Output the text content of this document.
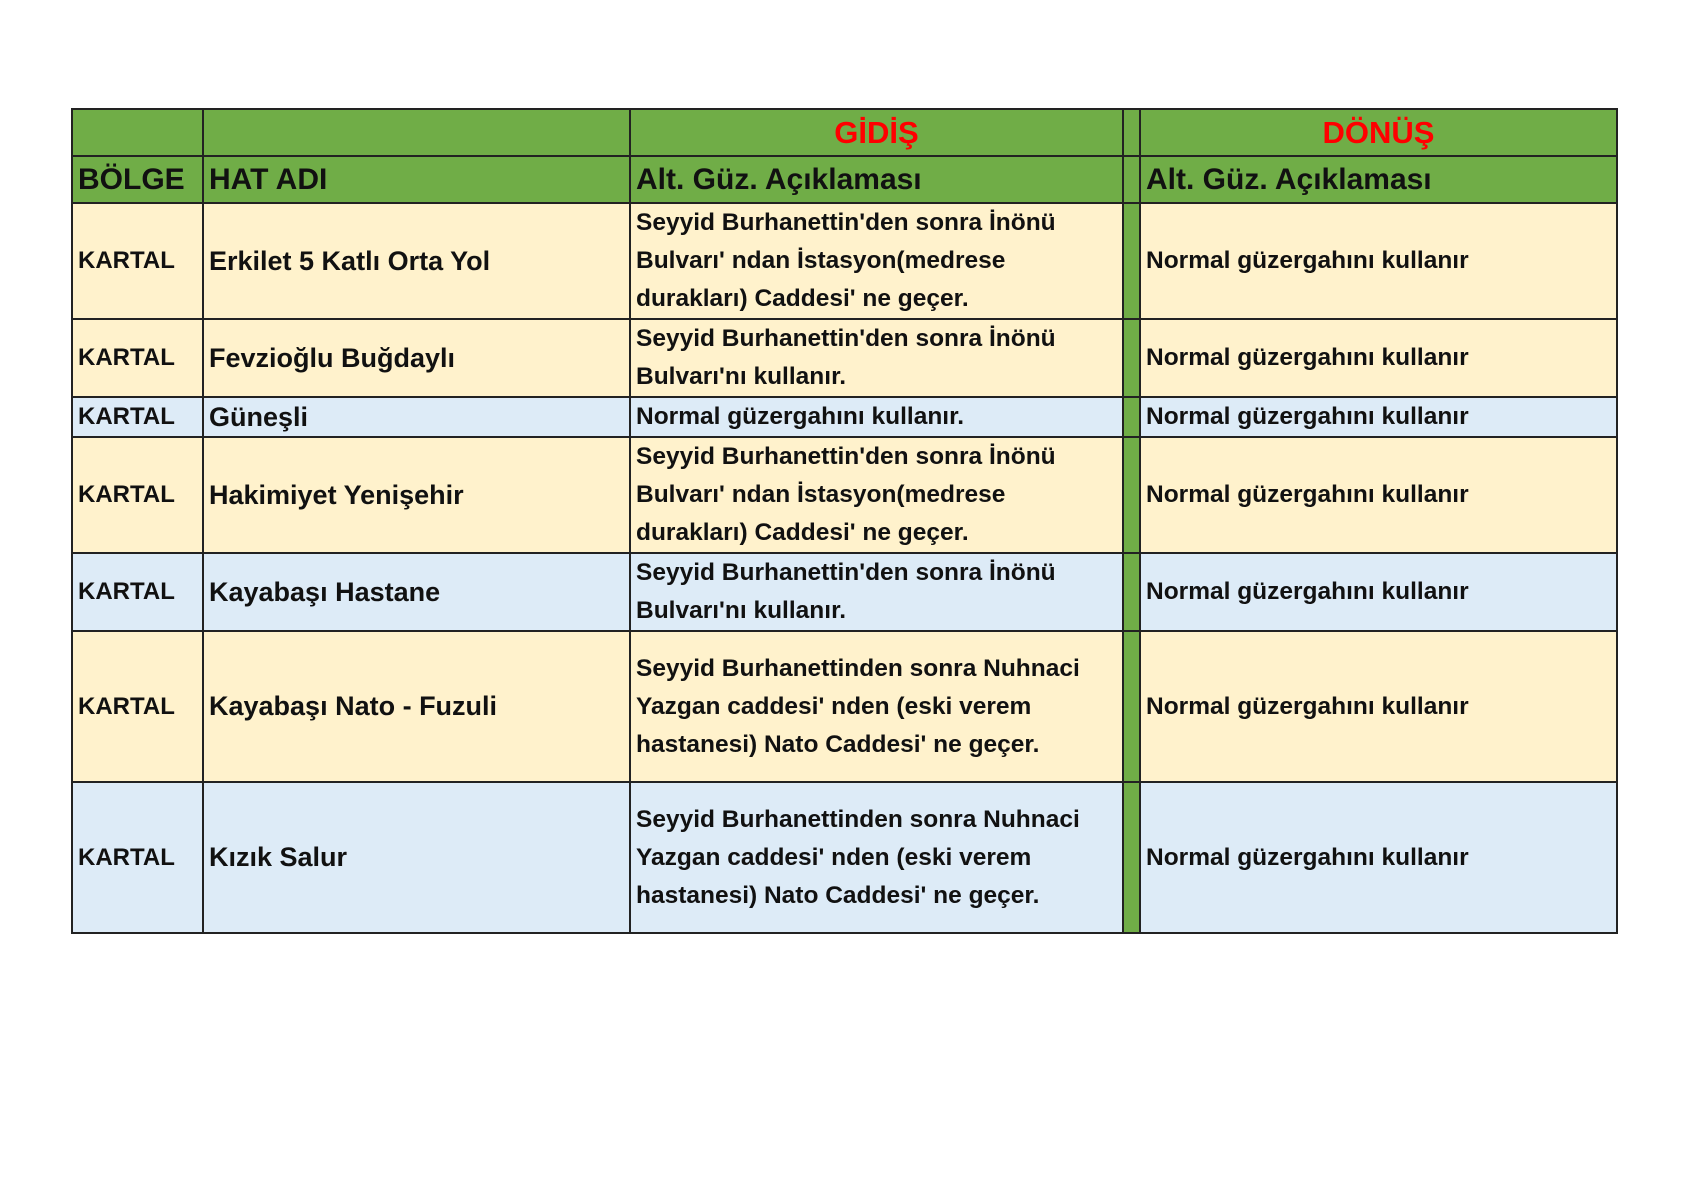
		GİDİŞ		DÖNÜŞ
BÖLGE	HAT ADI	Alt. Güz. Açıklaması		Alt. Güz. Açıklaması
KARTAL	Erkilet 5 Katlı Orta Yol	Seyyid Burhanettin'den sonra İnönü
Bulvarı' ndan İstasyon(medrese
durakları) Caddesi' ne geçer.		Normal güzergahını kullanır
KARTAL	Fevzioğlu Buğdaylı	Seyyid Burhanettin'den sonra İnönü
Bulvarı'nı kullanır.		Normal güzergahını kullanır
KARTAL	Güneşli	Normal güzergahını kullanır.		Normal güzergahını kullanır
KARTAL	Hakimiyet Yenişehir	Seyyid Burhanettin'den sonra İnönü
Bulvarı' ndan İstasyon(medrese
durakları) Caddesi' ne geçer.		Normal güzergahını kullanır
KARTAL	Kayabaşı Hastane	Seyyid Burhanettin'den sonra İnönü
Bulvarı'nı kullanır.		Normal güzergahını kullanır
KARTAL	Kayabaşı Nato - Fuzuli	Seyyid Burhanettinden sonra Nuhnaci
Yazgan caddesi' nden (eski verem
hastanesi) Nato Caddesi' ne geçer.		Normal güzergahını kullanır
KARTAL	Kızık Salur	Seyyid Burhanettinden sonra Nuhnaci
Yazgan caddesi' nden (eski verem
hastanesi) Nato Caddesi' ne geçer.		Normal güzergahını kullanır
